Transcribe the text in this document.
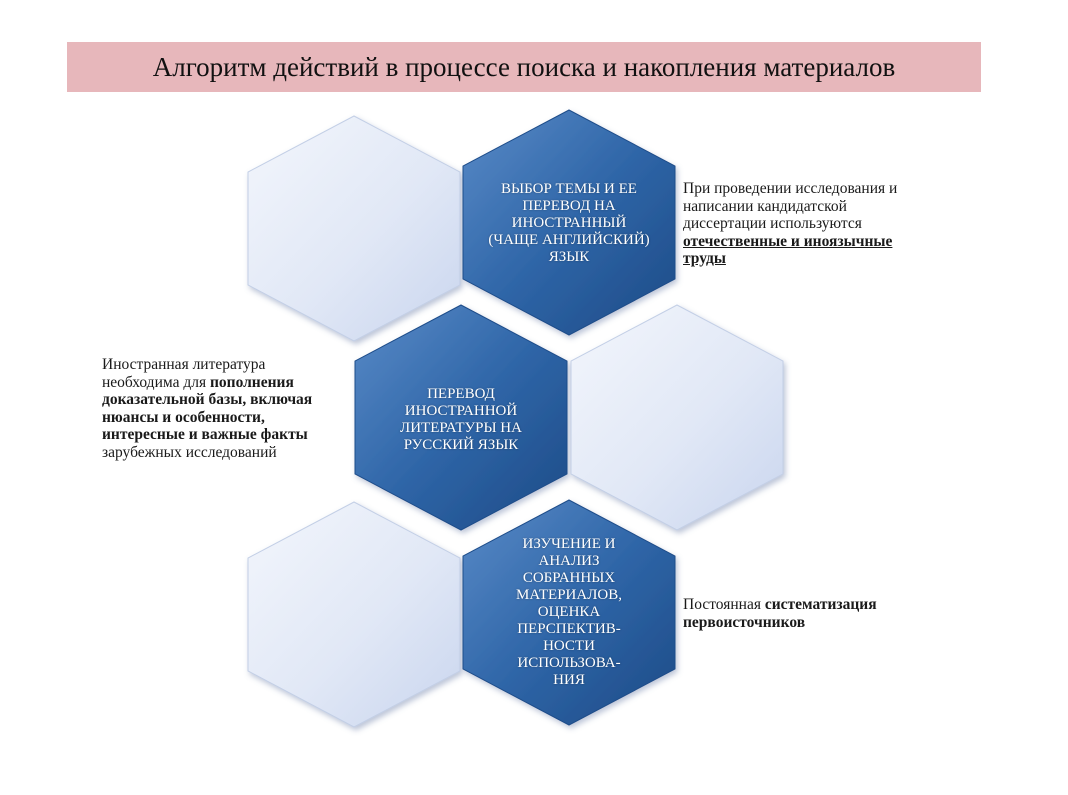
Алгоритм действий в процессе поиска и накопления материалов
ВЫБОР ТЕМЫ И ЕЕ ПЕРЕВОД НА ИНОСТРАННЫЙ (ЧАЩЕ АНГЛИЙСКИЙ) ЯЗЫК
ПЕРЕВОД ИНОСТРАННОЙ ЛИТЕРАТУРЫ НА РУССКИЙ ЯЗЫК
ИЗУЧЕНИЕ И АНАЛИЗ СОБРАННЫХ МАТЕРИАЛОВ, ОЦЕНКА ПЕРСПЕКТИВ-НОСТИ ИСПОЛЬЗОВА-НИЯ
При проведении исследования и написании кандидатской диссертации используются отечественные и иноязычные труды
Иностранная литература необходима для пополнения доказательной базы, включая нюансы и особенности, интересные и важные факты зарубежных исследований
Постоянная систематизация первоисточников
